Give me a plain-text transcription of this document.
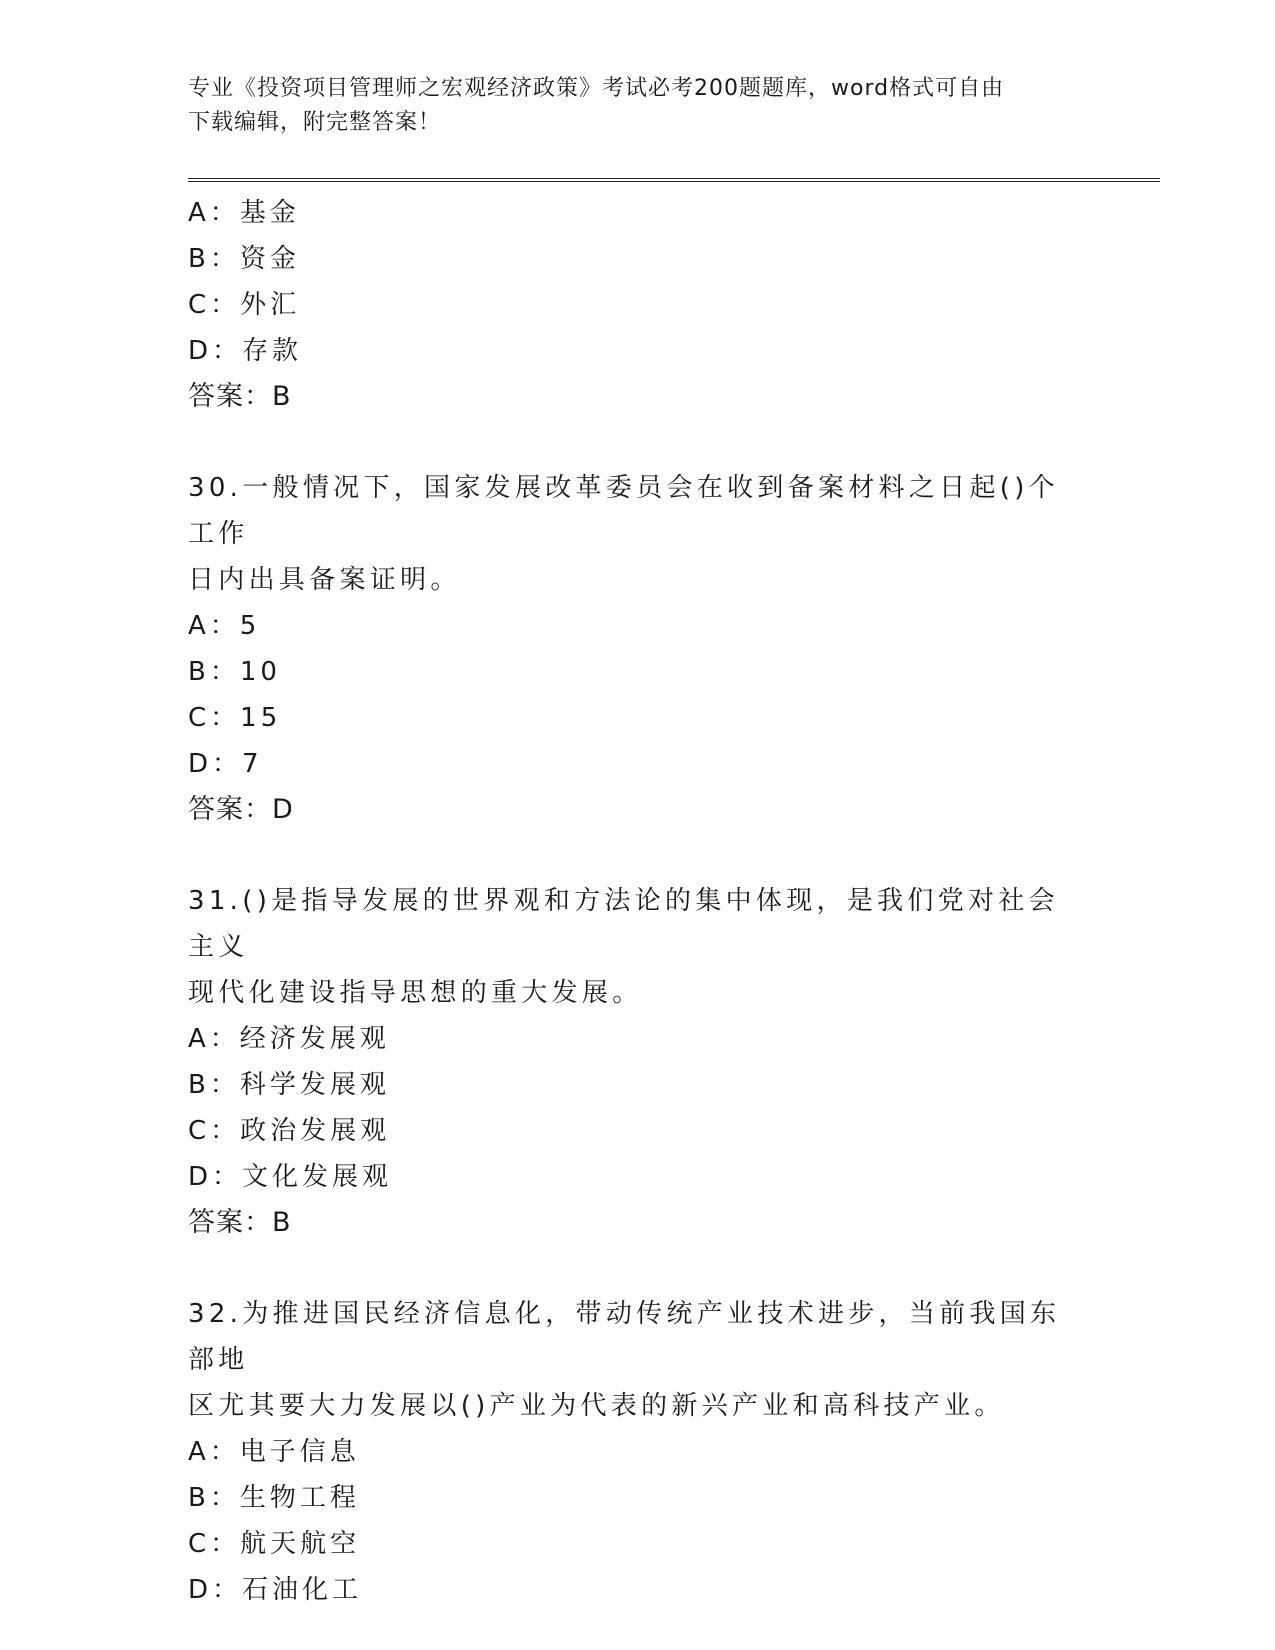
专业《投资项目管理师之宏观经济政策》考试必考200题题库，word格式可自由
下载编辑，附完整答案！
A：基金
B：资金
C：外汇
D：存款
答案：B
30.一般情况下，国家发展改革委员会在收到备案材料之日起()个工作
日内出具备案证明。
A：5
B：10
C：15
D：7
答案：D
31.()是指导发展的世界观和方法论的集中体现，是我们党对社会主义
现代化建设指导思想的重大发展。
A：经济发展观
B：科学发展观
C：政治发展观
D：文化发展观
答案：B
32.为推进国民经济信息化，带动传统产业技术进步，当前我国东部地
区尤其要大力发展以()产业为代表的新兴产业和高科技产业。
A：电子信息
B：生物工程
C：航天航空
D：石油化工
